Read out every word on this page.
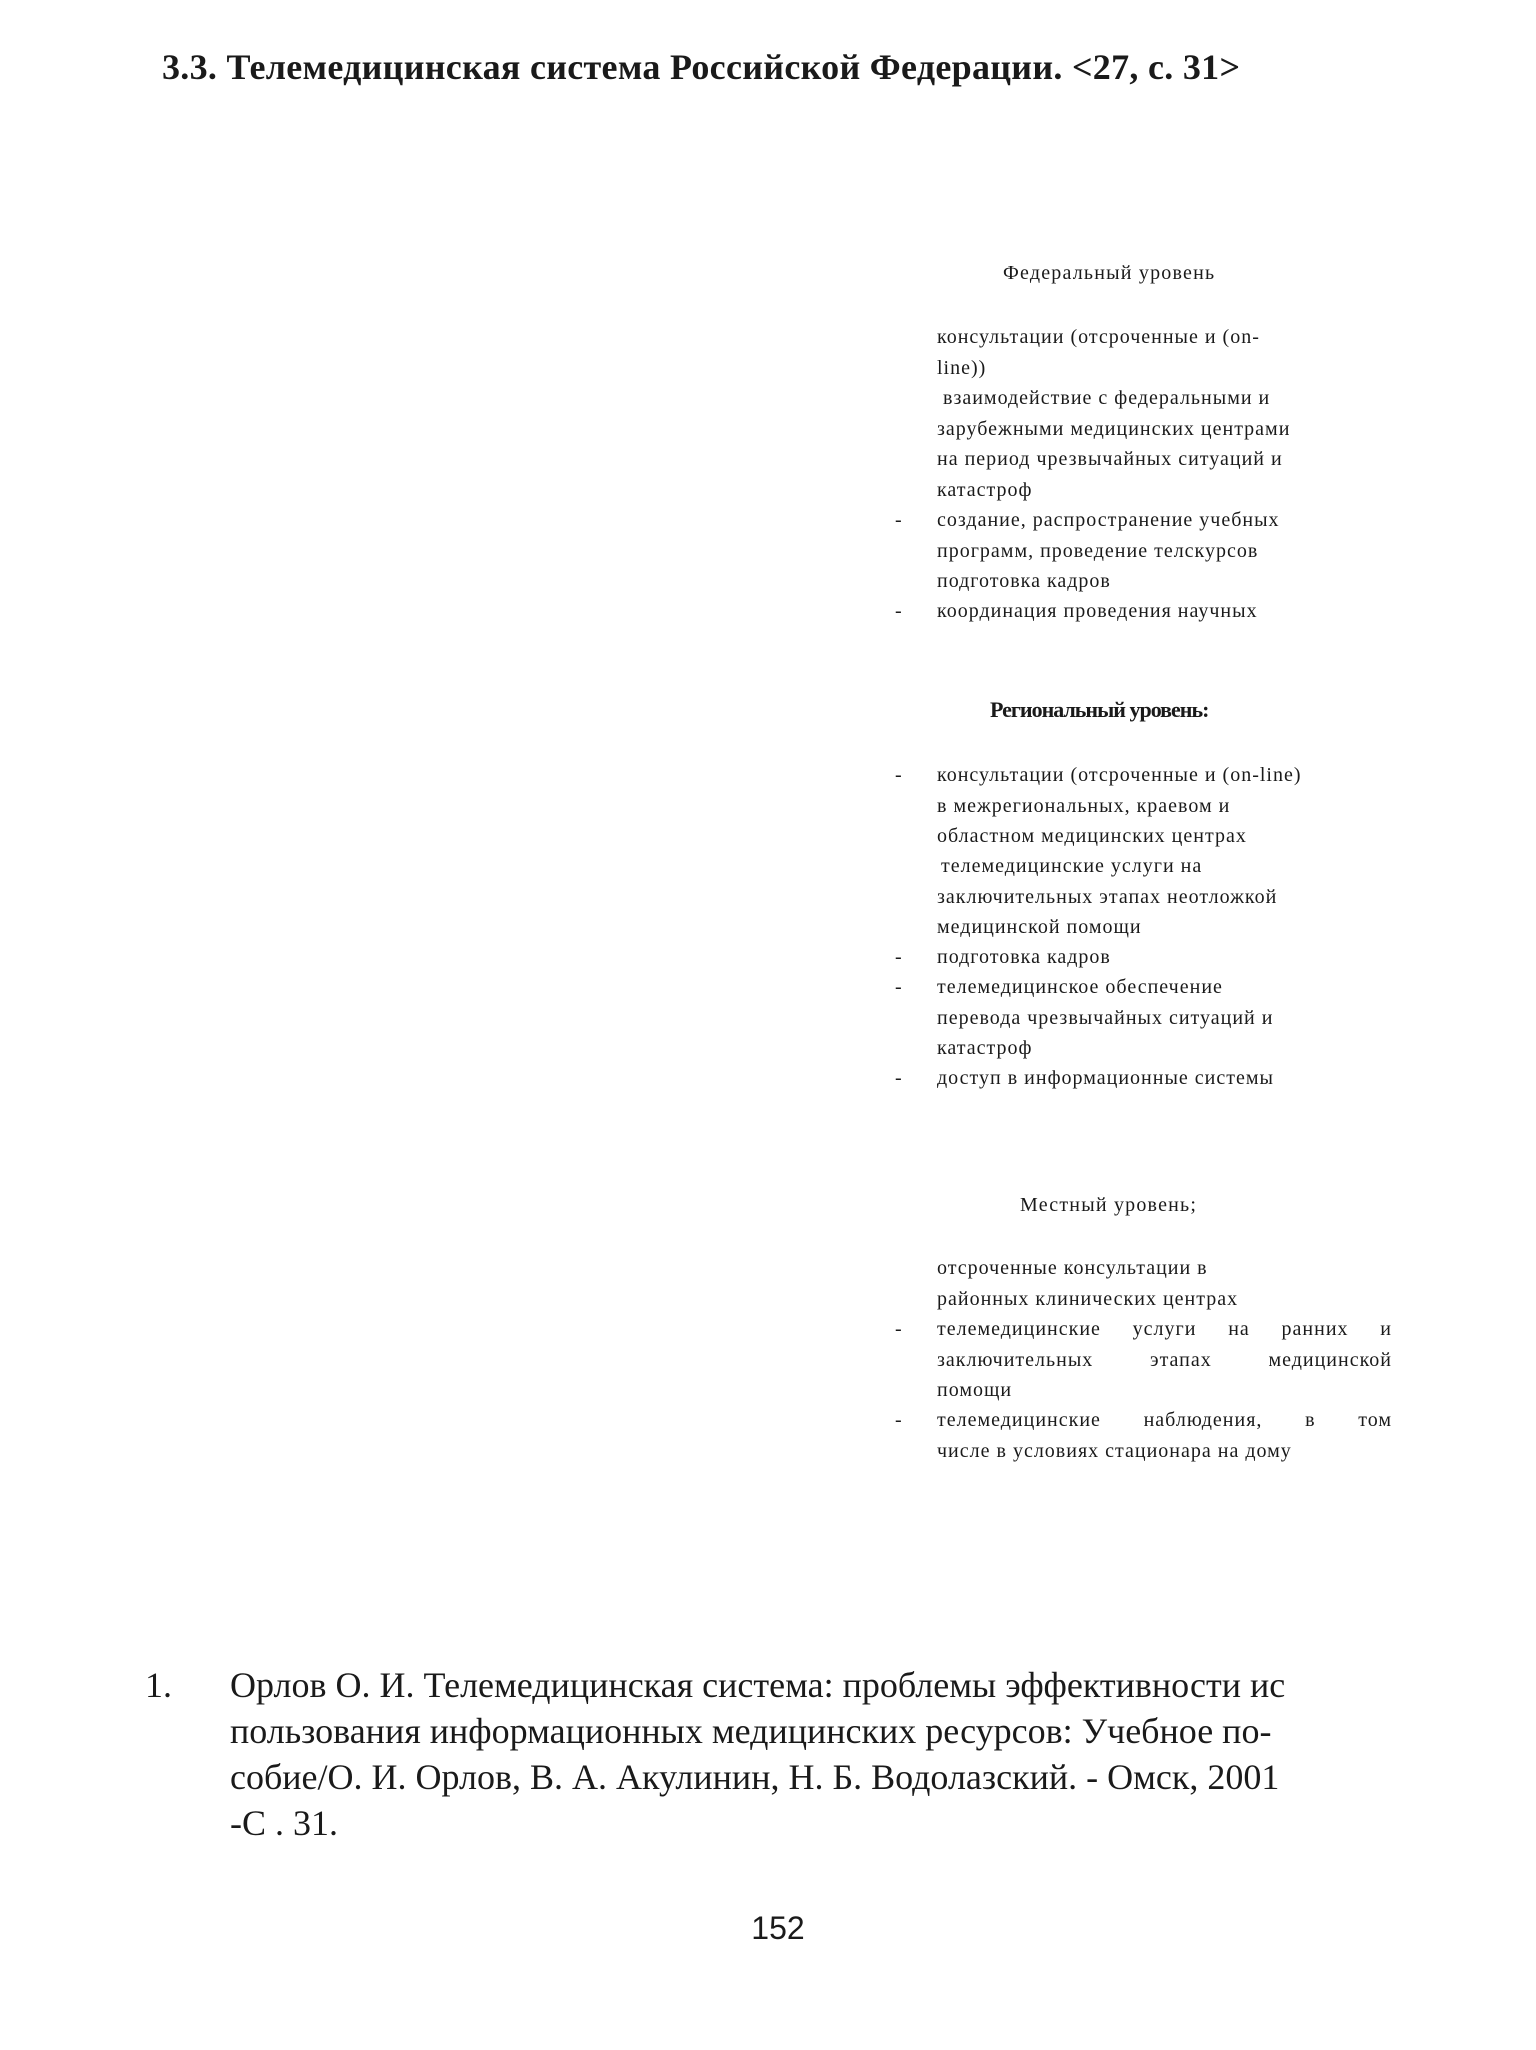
3.3. Телемедицинская система Российской Федерации. <27, с. 31>
Федеральный уровень
консультации (отсроченные и (on-
line))
взаимодействие с федеральными и
зарубежными медицинских центрами
на период чрезвычайных ситуаций и
катастроф
- создание, распространение учебных
программ, проведение телскурсов
подготовка кадров
- координация проведения научных
Региональный уровень:
- консультации (отсроченные и (on-line)
в межрегиональных, краевом и
областном медицинских центрах
телемедицинские услуги на
заключительных этапах неотложкой
медицинской помощи
- подготовка кадров
- телемедицинское обеспечение
перевода чрезвычайных ситуаций и
катастроф
- доступ в информационные системы
Местный уровень;
отсроченные консультации в
районных клинических центрах
- телемедицинские услуги на ранних и
заключительных этапах медицинской
помощи
- телемедицинские наблюдения, в том
числе в условиях стационара на дому
1. Орлов О. И. Телемедицинская система: проблемы эффективности ис
пользования информационных медицинских ресурсов: Учебное по-
собие/О. И. Орлов, В. А. Акулинин, Н. Б. Водолазский. - Омск, 2001
-С . 31.
152
